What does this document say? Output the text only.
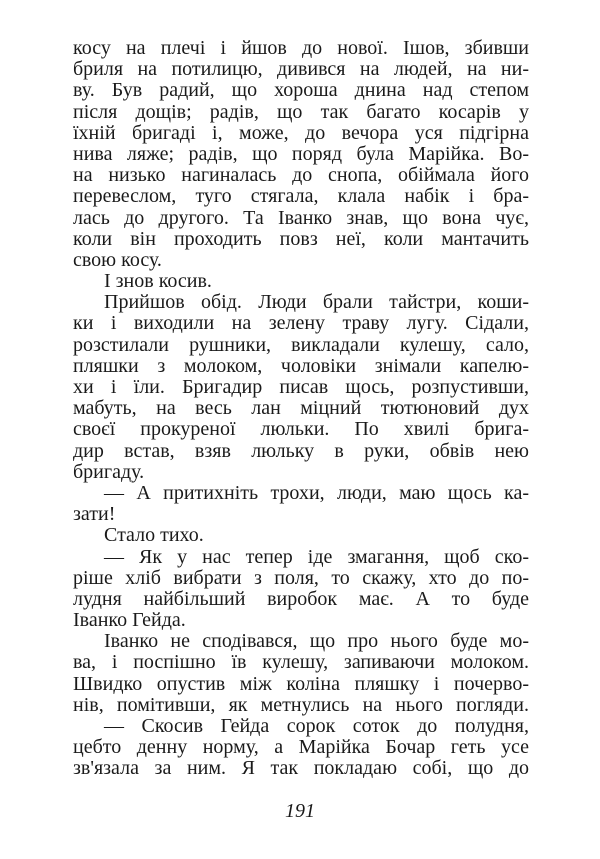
косу на плечі і йшов до нової. Ішов, збивши
бриля на потилицю, дивився на людей, на ни-
ву. Був радий, що хороша днина над степом
після дощів; радів, що так багато косарів у
їхній бригаді і, може, до вечора уся підгірна
нива ляже; радів, що поряд була Марійка. Во-
на низько нагиналась до снопа, обіймала його
перевеслом, туго стягала, клала набік і бра-
лась до другого. Та Іванко знав, що вона чує,
коли він проходить повз неї, коли мантачить
свою косу.
І знов косив.
Прийшов обід. Люди брали тайстри, коши-
ки і виходили на зелену траву лугу. Сідали,
розстилали рушники, викладали кулешу, сало,
пляшки з молоком, чоловіки знімали капелю-
хи і їли. Бригадир писав щось, розпустивши,
мабуть, на весь лан міцний тютюновий дух
своєї прокуреної люльки. По хвилі брига-
дир встав, взяв люльку в руки, обвів нею
бригаду.
— А притихніть трохи, люди, маю щось ка-
зати!
Стало тихо.
— Як у нас тепер іде змагання, щоб ско-
ріше хліб вибрати з поля, то скажу, хто до по-
лудня найбільший виробок має. А то буде
Іванко Гейда.
Іванко не сподівався, що про нього буде мо-
ва, і поспішно їв кулешу, запиваючи молоком.
Швидко опустив між коліна пляшку і почерво-
нів, помітивши, як метнулись на нього погляди.
— Скосив Гейда сорок соток до полудня,
цебто денну норму, а Марійка Бочар геть усе
зв'язала за ним. Я так покладаю собі, що до
191
